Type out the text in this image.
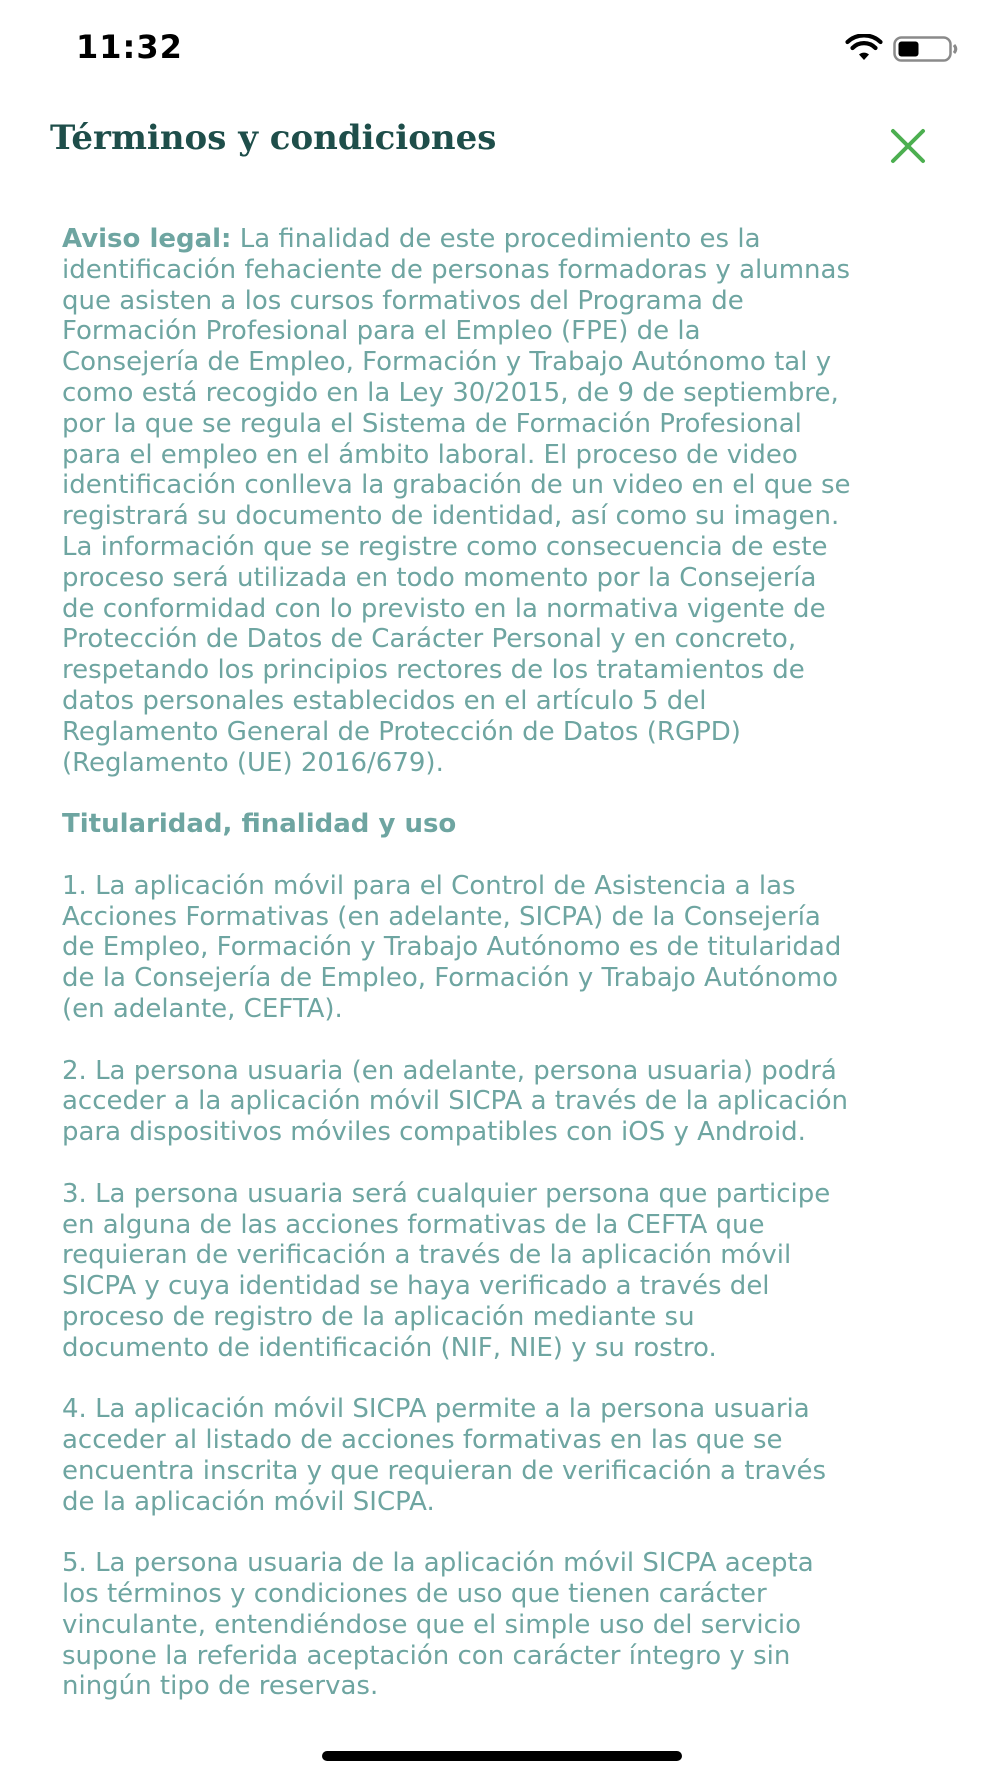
11:32
Términos y condiciones

Aviso legal: La finalidad de este procedimiento es la
identificación fehaciente de personas formadoras y alumnas
que asisten a los cursos formativos del Programa de
Formación Profesional para el Empleo (FPE) de la
Consejería de Empleo, Formación y Trabajo Autónomo tal y
como está recogido en la Ley 30/2015, de 9 de septiembre,
por la que se regula el Sistema de Formación Profesional
para el empleo en el ámbito laboral. El proceso de video
identificación conlleva la grabación de un video en el que se
registrará su documento de identidad, así como su imagen.
La información que se registre como consecuencia de este
proceso será utilizada en todo momento por la Consejería
de conformidad con lo previsto en la normativa vigente de
Protección de Datos de Carácter Personal y en concreto,
respetando los principios rectores de los tratamientos de
datos personales establecidos en el artículo 5 del
Reglamento General de Protección de Datos (RGPD)
(Reglamento (UE) 2016/679).

Titularidad, finalidad y uso

1. La aplicación móvil para el Control de Asistencia a las
Acciones Formativas (en adelante, SICPA) de la Consejería
de Empleo, Formación y Trabajo Autónomo es de titularidad
de la Consejería de Empleo, Formación y Trabajo Autónomo
(en adelante, CEFTA).

2. La persona usuaria (en adelante, persona usuaria) podrá
acceder a la aplicación móvil SICPA a través de la aplicación
para dispositivos móviles compatibles con iOS y Android.

3. La persona usuaria será cualquier persona que participe
en alguna de las acciones formativas de la CEFTA que
requieran de verificación a través de la aplicación móvil
SICPA y cuya identidad se haya verificado a través del
proceso de registro de la aplicación mediante su
documento de identificación (NIF, NIE) y su rostro.

4. La aplicación móvil SICPA permite a la persona usuaria
acceder al listado de acciones formativas en las que se
encuentra inscrita y que requieran de verificación a través
de la aplicación móvil SICPA.

5. La persona usuaria de la aplicación móvil SICPA acepta
los términos y condiciones de uso que tienen carácter
vinculante, entendiéndose que el simple uso del servicio
supone la referida aceptación con carácter íntegro y sin
ningún tipo de reservas.
